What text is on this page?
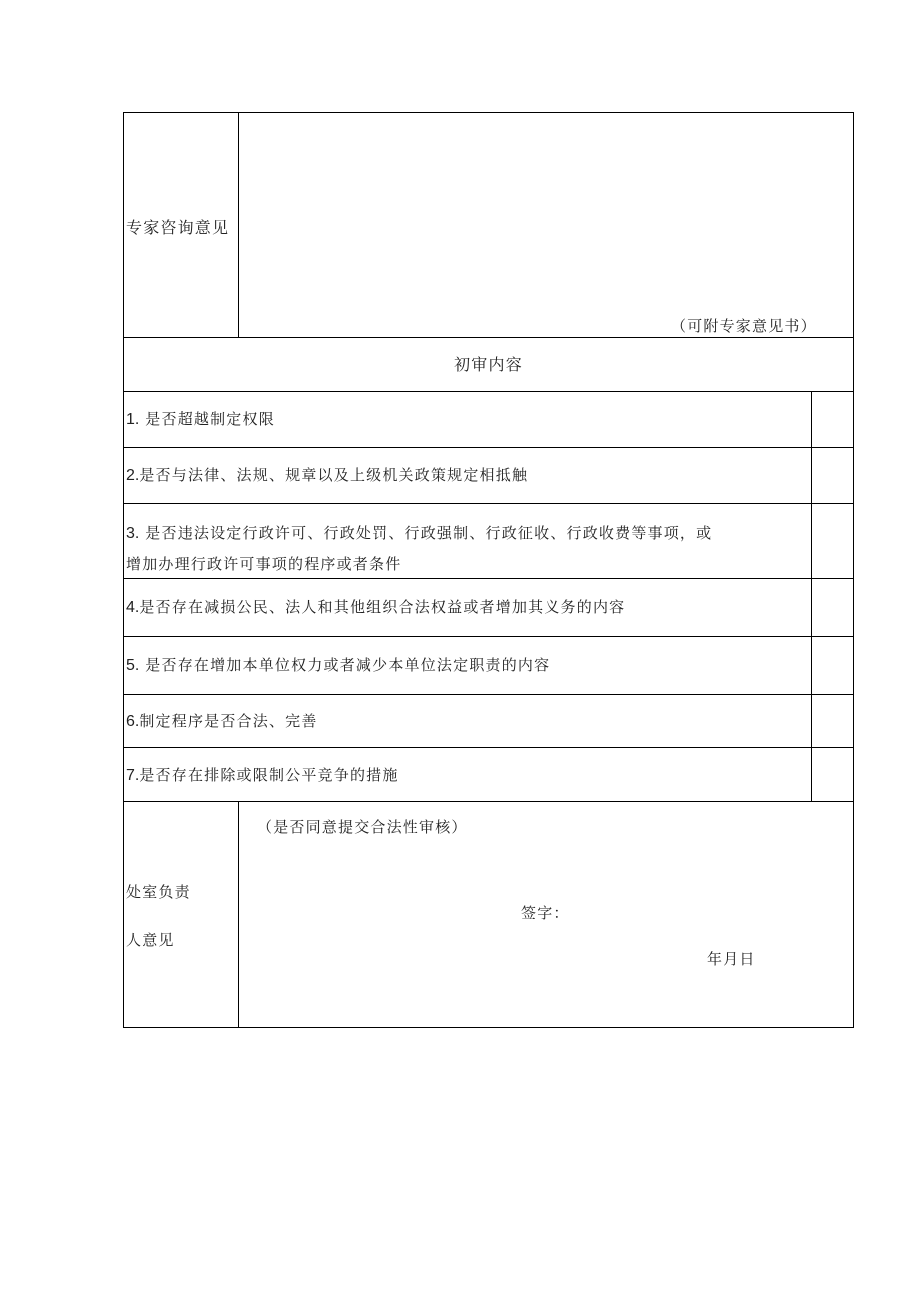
专家咨询意见
（可附专家意见书）
初审内容
1. 是否超越制定权限
2.是否与法律、法规、规章以及上级机关政策规定相抵触
3. 是否违法设定行政许可、行政处罚、行政强制、行政征收、行政收费等事项，或
增加办理行政许可事项的程序或者条件
4.是否存在减损公民、法人和其他组织合法权益或者增加其义务的内容
5. 是否存在增加本单位权力或者减少本单位法定职责的内容
6.制定程序是否合法、完善
7.是否存在排除或限制公平竞争的措施
处室负责
人意见
（是否同意提交合法性审核）
签字：
年月日
